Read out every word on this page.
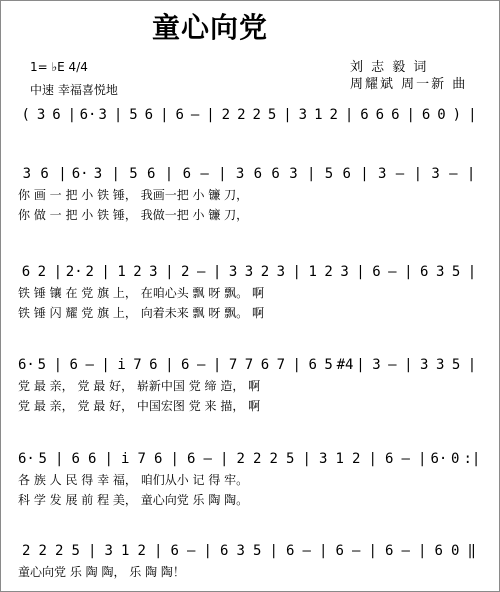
童心向党
刘 志 毅 词
周耀斌 周一新 曲
1= ♭E 4/4
中速 幸福喜悦地
( 3 6 | 6· 3 | 5 6 | 6 – | 2 2 2 5 | 3 1 2 | 6 6 6 | 6 0 ) |
3 6 | 6· 3 | 5 6 | 6 – | 3 6 6 3 | 5 6 | 3 – | 3 – |
你 画 一 把 小 铁 锤， 我画一把 小 镰 刀，
你 做 一 把 小 铁 锤， 我做一把 小 镰 刀，
6 2 | 2· 2 | 1 2 3 | 2 – | 3 3 2 3 | 1 2 3 | 6 – | 6 3 5 |
铁 锤 镶 在 党 旗 上， 在咱心头 飘 呀 飘。 啊
铁 锤 闪 耀 党 旗 上， 向着未来 飘 呀 飘。 啊
6· 5 | 6 – | i 7 6 | 6 – | 7 7 6 7 | 6 5 #4 | 3 – | 3 3 5 |
党 最 亲， 党 最 好， 崭新中国 党 缔 造， 啊
党 最 亲， 党 最 好， 中国宏图 党 来 描， 啊
6· 5 | 6 6 | i 7 6 | 6 – | 2 2 2 5 | 3 1 2 | 6 – | 6· 0 :|
各 族 人 民 得 幸 福， 咱们从小 记 得 牢。
科 学 发 展 前 程 美， 童心向党 乐 陶 陶。
2 2 2 5 | 3 1 2 | 6 – | 6 3 5 | 6 – | 6 – | 6 – | 6 0 ‖
童心向党 乐 陶 陶， 乐 陶 陶！
